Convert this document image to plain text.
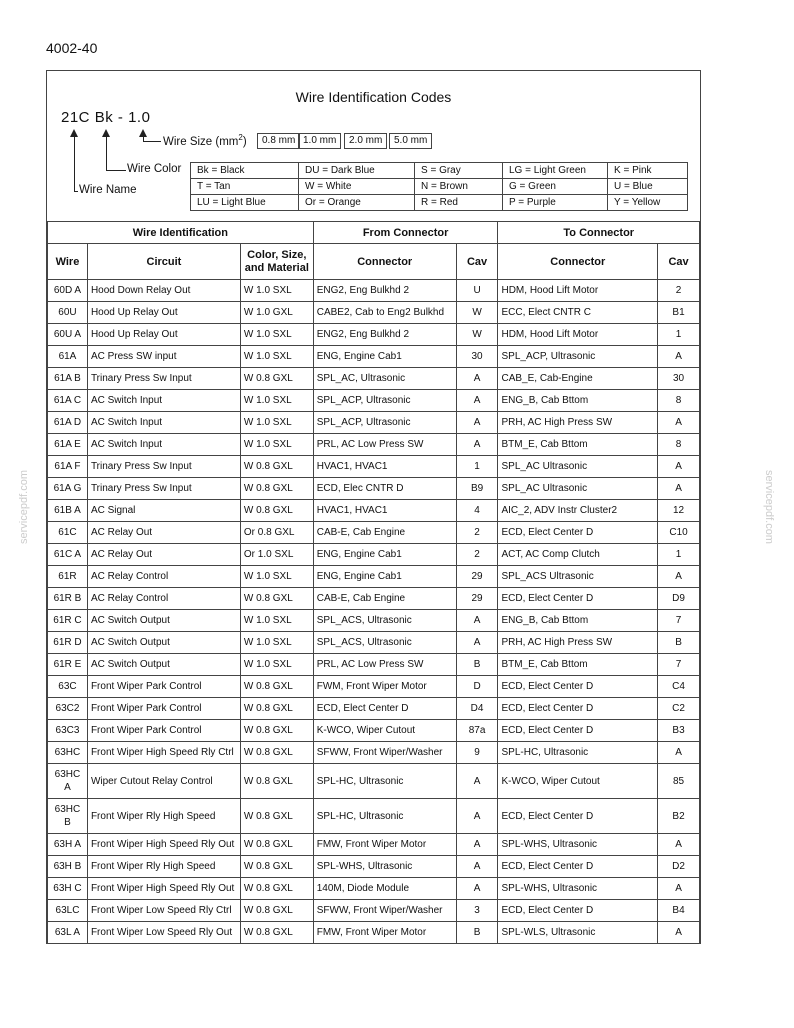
4002-40
Wire Identification Codes
21C Bk - 1.0
Wire Size $(mm^2)$	0.8 mm 1.0 mm	2.0 mm	5.0 mm
Wire Color
Wire Name
Bk = Black	DU = Dark Blue	S = Gray	LG = Light Green	K = Pink
T = Tan	W = White	N = Brown	G = Green	U = Blue
LU = Light Blue	Or = Orange	R = Red	P = Purple	Y = Yellow
Wire Identification			From Connector		To Connector	
Wire	Circuit	Color, Size, and Material	Connector	Cav	Connector	Cav
60D A	Hood Down Relay Out	W 1.0 SXL	ENG2, Eng Bulkhd 2	U	HDM, Hood Lift Motor	2
60U	Hood Up Relay Out	W 1.0 GXL	CABE2, Cab to Eng2 Bulkhd	W	ECC, Elect CNTR C	B1
60U A	Hood Up Relay Out	W 1.0 SXL	ENG2, Eng Bulkhd 2	W	HDM, Hood Lift Motor	1
61A	AC Press SW input	W 1.0 SXL	ENG, Engine Cab1	30	SPL_ACP, Ultrasonic	A
61A B	Trinary Press Sw Input	W 0.8 GXL	SPL_AC, Ultrasonic	A	CAB_E, Cab-Engine	30
61A C	AC Switch Input	W 1.0 SXL	SPL_ACP, Ultrasonic	A	ENG_B, Cab Bttom	8
61A D	AC Switch Input	W 1.0 SXL	SPL_ACP, Ultrasonic	A	PRH, AC High Press SW	A
61A E	AC Switch Input	W 1.0 SXL	PRL, AC Low Press SW	A	BTM_E, Cab Bttom	8
61A F	Trinary Press Sw Input	W 0.8 GXL	HVAC1, HVAC1	1	SPL_AC Ultrasonic	A
61A G	Trinary Press Sw Input	W 0.8 GXL	ECD, Elec CNTR D	B9	SPL_AC Ultrasonic	A
61B A	AC Signal	W 0.8 GXL	HVAC1, HVAC1	4	AIC_2, ADV Instr Cluster2	12
61C	AC Relay Out	Or 0.8 GXL	CAB-E, Cab Engine	2	ECD, Elect Center D	C10
61C A	AC Relay Out	Or 1.0 SXL	ENG, Engine Cab1	2	ACT, AC Comp Clutch	1
61R	AC Relay Control	W 1.0 SXL	ENG, Engine Cab1	29	SPL_ACS Ultrasonic	A
61R B	AC Relay Control	W 0.8 GXL	CAB-E, Cab Engine	29	ECD, Elect Center D	D9
61R C	AC Switch Output	W 1.0 SXL	SPL_ACS, Ultrasonic	A	ENG_B, Cab Bttom	7
61R D	AC Switch Output	W 1.0 SXL	SPL_ACS, Ultrasonic	A	PRH, AC High Press SW	B
61R E	AC Switch Output	W 1.0 SXL	PRL, AC Low Press SW	B	BTM_E, Cab Bttom	7
63C	Front Wiper Park Control	W 0.8 GXL	FWM, Front Wiper Motor	D	ECD, Elect Center D	C4
63C2	Front Wiper Park Control	W 0.8 GXL	ECD, Elect Center D	D4	ECD, Elect Center D	C2
63C3	Front Wiper Park Control	W 0.8 GXL	K-WCO, Wiper Cutout	87a	ECD, Elect Center D	B3
63HC	Front Wiper High Speed Rly Ctrl	W 0.8 GXL	SFWW, Front Wiper/Washer	9	SPL-HC, Ultrasonic	A
63HC A	Wiper Cutout Relay Control	W 0.8 GXL	SPL-HC, Ultrasonic	A	K-WCO, Wiper Cutout	85
63HC B	Front Wiper Rly High Speed	W 0.8 GXL	SPL-HC, Ultrasonic	A	ECD, Elect Center D	B2
63H A	Front Wiper High Speed Rly Out	W 0.8 GXL	FMW, Front Wiper Motor	A	SPL-WHS, Ultrasonic	A
63H B	Front Wiper Rly High Speed	W 0.8 GXL	SPL-WHS, Ultrasonic	A	ECD, Elect Center D	D2
63H C	Front Wiper High Speed Rly Out	W 0.8 GXL	140M, Diode Module	A	SPL-WHS, Ultrasonic	A
63LC	Front Wiper Low Speed Rly Ctrl	W 0.8 GXL	SFWW, Front Wiper/Washer	3	ECD, Elect Center D	B4
63L A	Front Wiper Low Speed Rly Out	W 0.8 GXL	FMW, Front Wiper Motor	B	SPL-WLS, Ultrasonic	A
servicepdf.com	servicepdf.com
